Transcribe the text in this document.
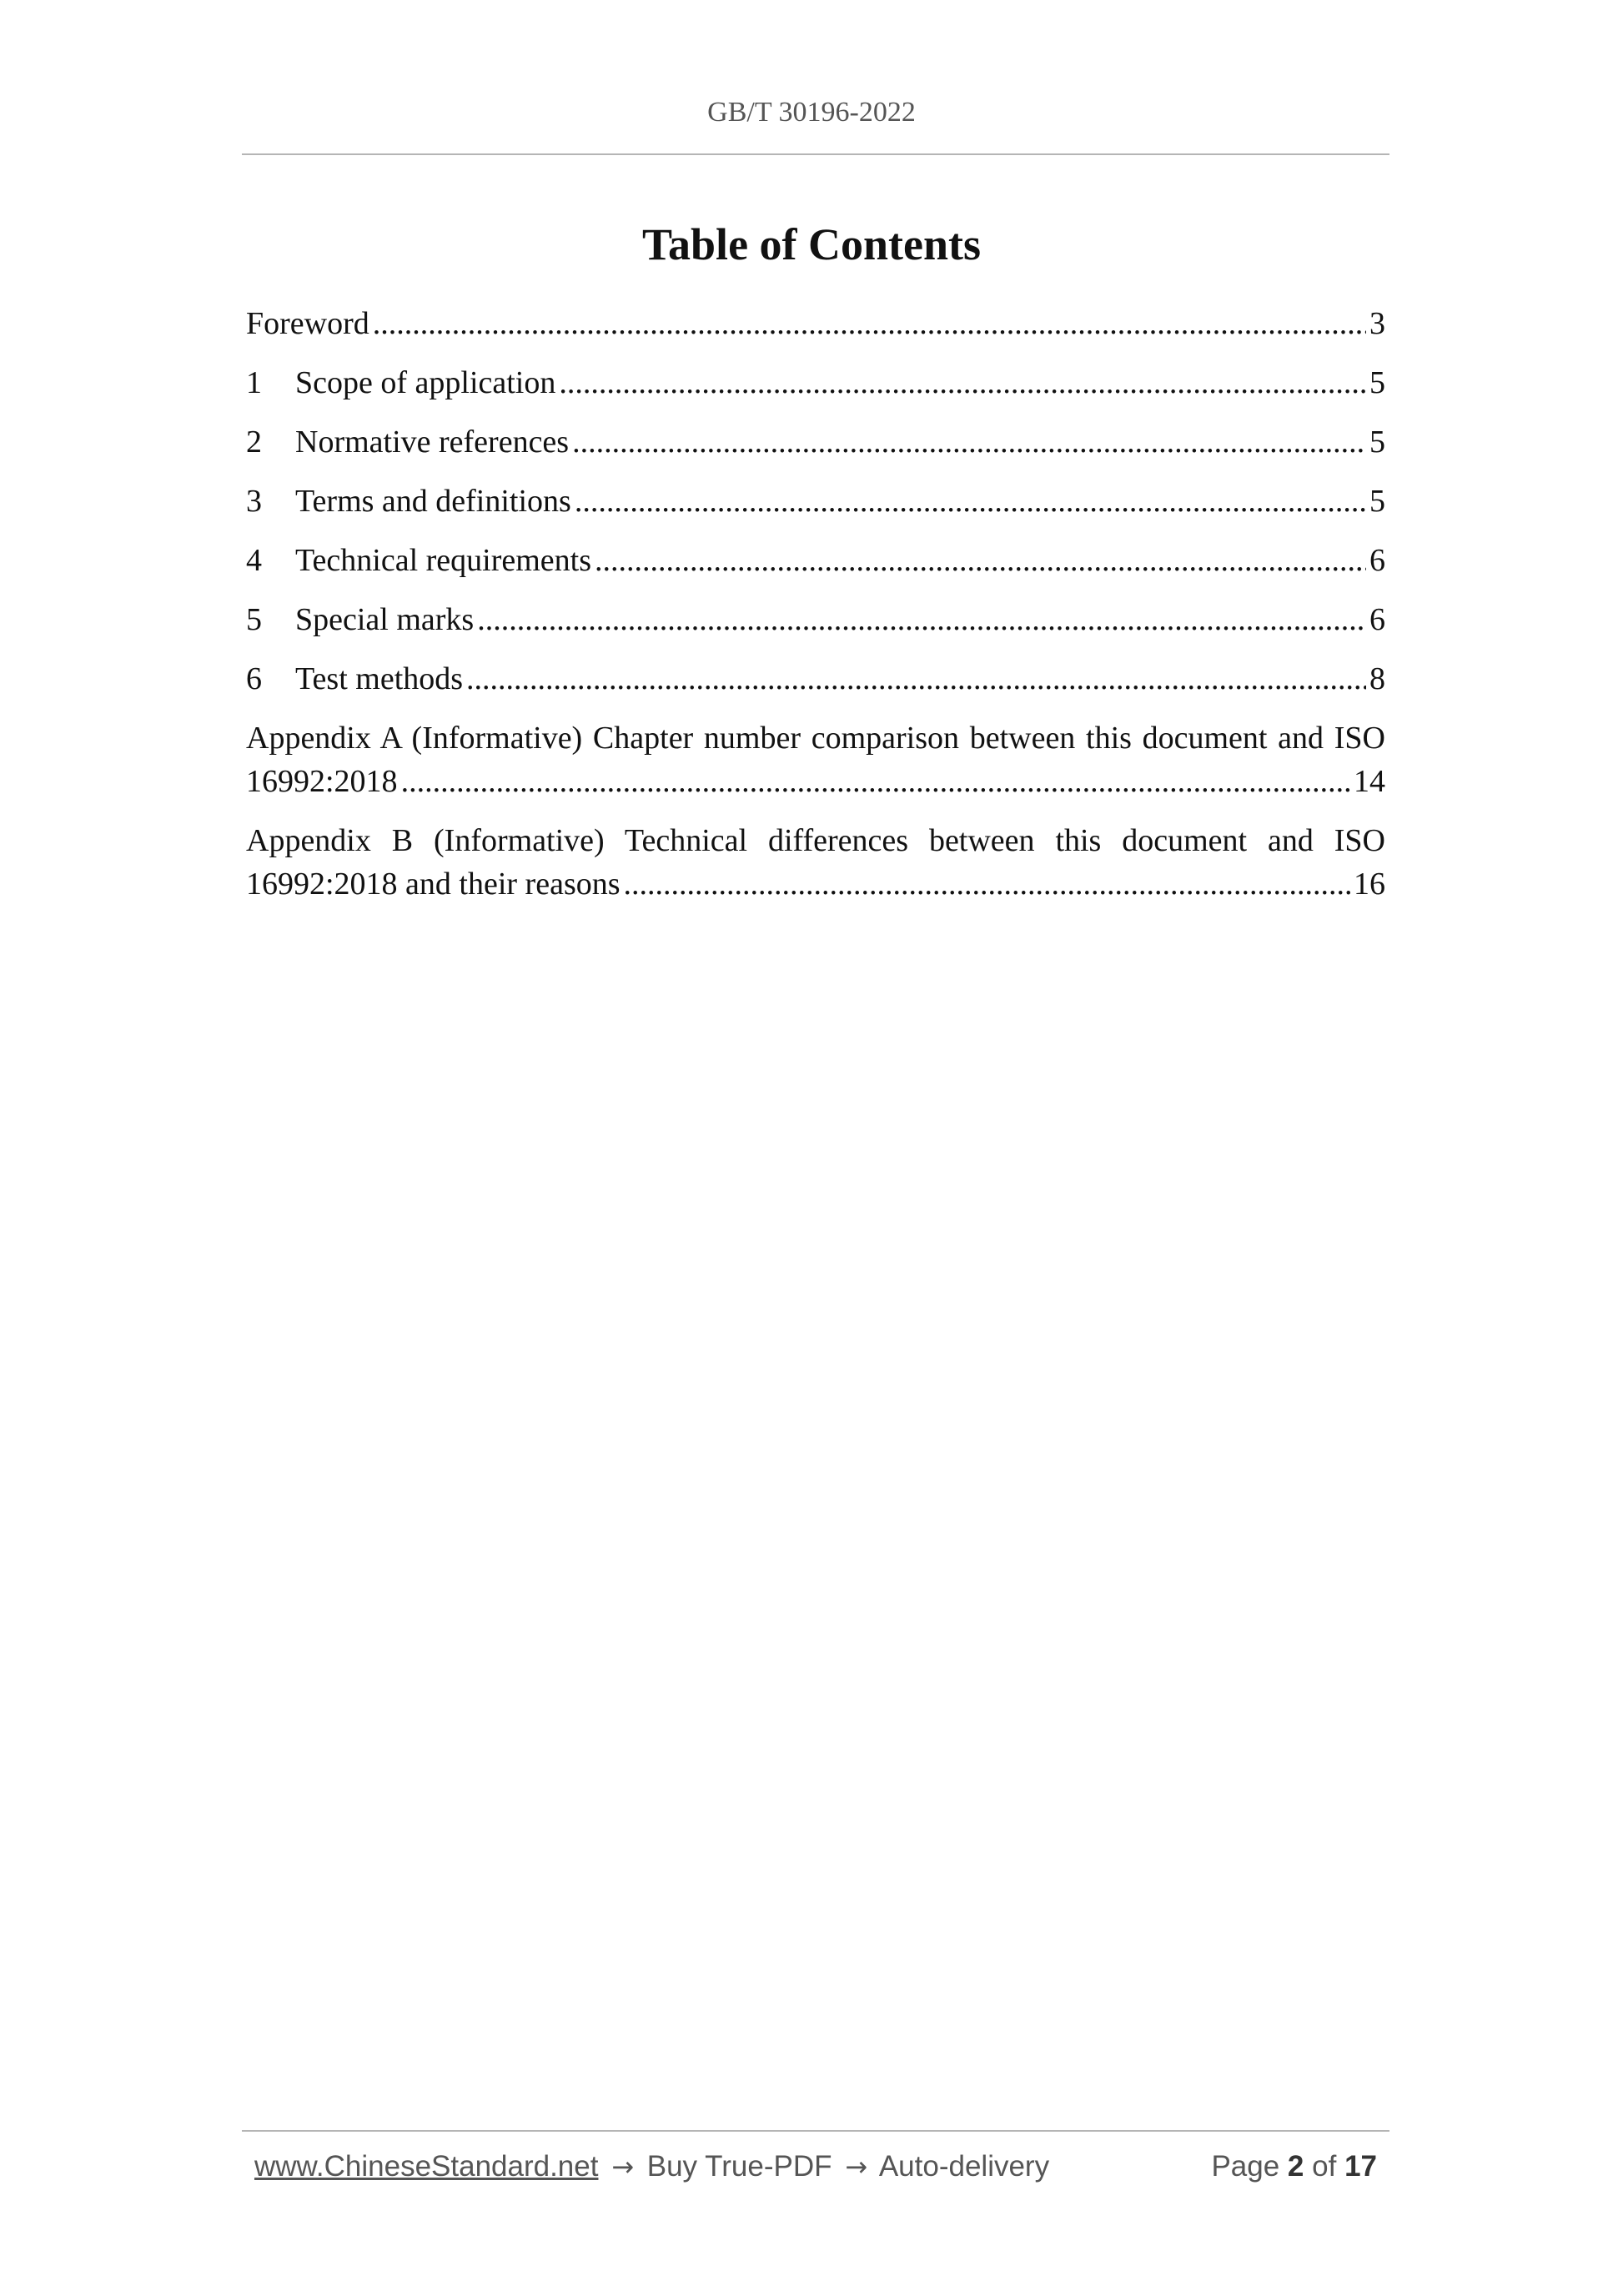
GB/T 30196-2022
Table of Contents
Foreword .....	3
1	Scope of application .....	5
2	Normative references .....	5
3	Terms and definitions .....	5
4	Technical requirements .....	6
5	Special marks .....	6
6	Test methods .....	8
Appendix A (Informative) Chapter number comparison between this document and ISO
16992:2018 .....	14
Appendix B (Informative) Technical differences between this document and ISO
16992:2018 and their reasons .....	16
www.ChineseStandard.net → Buy True-PDF → Auto-delivery	Page 2 of 17
